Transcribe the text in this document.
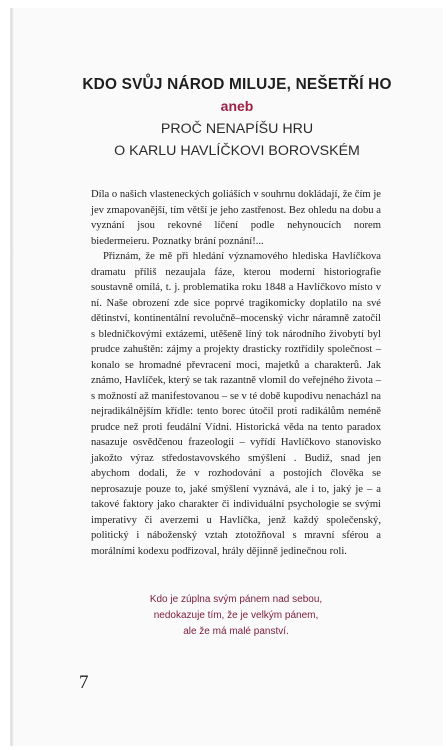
KDO SVŮJ NÁROD MILUJE, NEŠETŘÍ HO
aneb
PROČ NENAPÍŠU HRU
O KARLU HAVLÍČKOVI BOROVSKÉM

Díla o našich vlasteneckých goliáších v souhrnu dokládají, že čím je jev zmapovanější, tím větší je jeho zastřenost. Bez ohledu na dobu a vyznání jsou rekovné líčení podle nehynoucích norem biedermeieru. Poznatky brání poznání!...

Přiznám, že mě při hledání významového hlediska Havlíčkova dramatu příliš nezaujala fáze, kterou moderní historiografie soustavně omílá, t. j. problematika roku 1848 a Havlíčkovo místo v ní. Naše obrození zde sice poprvé tragikomicky doplatilo na své dětinství, kontinentální revolučně–mocenský vichr náramně zatočil s bledničkovými extázemi, utěšeně líný tok národního živobytí byl prudce zahuštěn: zájmy a projekty drasticky roztřídily společnost – konalo se hromadné převracení moci, majetků a charakterů. Jak známo, Havlíček, který se tak razantně vlomil do veřejného života – s možností až manifestovanou – se v té době kupodivu nenacházl na nejradikálnějším křídle: tento borec útočil proti radikálům neméně prudce než proti feudální Vídni. Historická věda na tento paradox nasazuje osvědčenou frazeologii – vyřídí Havlíčkovo stanovisko jakožto výraz středostavovského smýšlení . Budiž, snad jen abychom dodali, že v rozhodování a postojích člověka se neprosazuje pouze to, jaké smýšlení vyznává, ale i to, jaký je – a takové faktory jako charakter či individuální psychologie se svými imperativy či averzemi u Havlíčka, jenž každý společenský, politický i náboženský vztah ztotožňoval s mravní sférou a morálními kodexu podřizoval, hrály dějinně jedinečnou roli.

Kdo je zúplna svým pánem nad sebou,
nedokazuje tím, že je velkým pánem,
ale že má malé panství.
7
